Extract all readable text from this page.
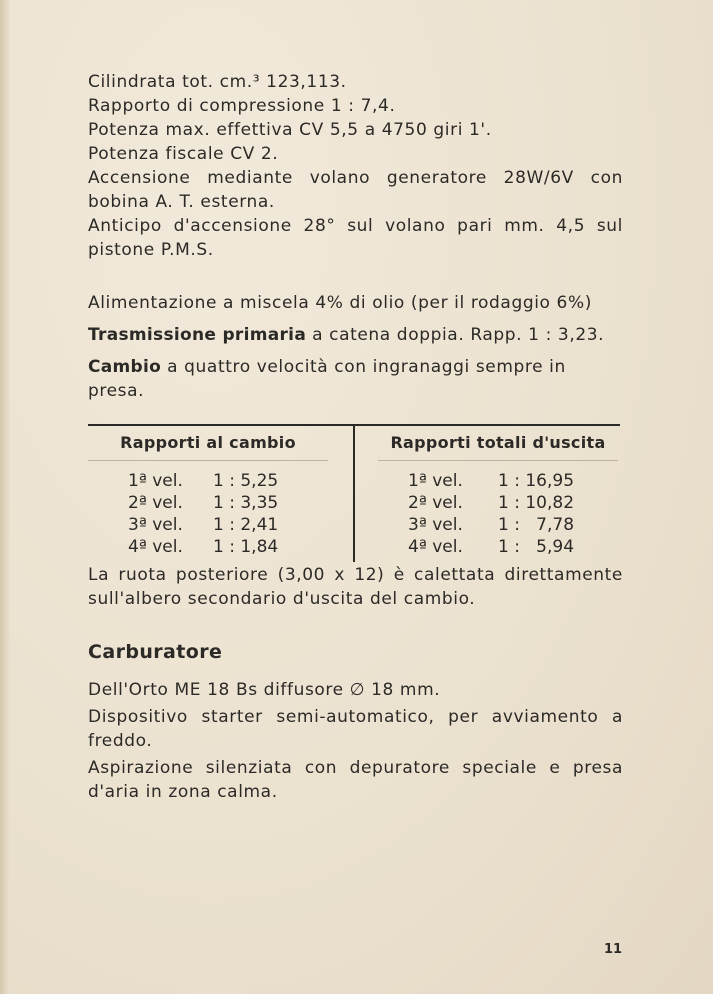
Cilindrata tot. cm.³ 123,113.

Rapporto di compressione 1 : 7,4.

Potenza max. effettiva CV 5,5 a 4750 giri 1'.

Potenza fiscale CV 2.

Accensione mediante volano generatore 28W/6V con bobina A. T. esterna.

Anticipo d'accensione 28° sul volano pari mm. 4,5 sul pistone P.M.S.

Alimentazione a miscela 4% di olio (per il rodaggio 6%)

Trasmissione primaria a catena doppia. Rapp. 1 : 3,23.

Cambio a quattro velocità con ingranaggi sempre in presa.

Rapporti al cambio
1ª vel. 1 : 5,25
2ª vel. 1 : 3,35
3ª vel. 1 : 2,41
4ª vel. 1 : 1,84
Rapporti totali d'uscita
1ª vel. 1 : 16,95
2ª vel. 1 : 10,82
3ª vel. 1 :   7,78
4ª vel. 1 :   5,94

La ruota posteriore (3,00 x 12) è calettata direttamente sull'albero secondario d'uscita del cambio.

Carburatore

Dell'Orto ME 18 Bs diffusore ∅ 18 mm.

Dispositivo starter semi-automatico, per avviamento a freddo.

Aspirazione silenziata con depuratore speciale e presa d'aria in zona calma.

11
